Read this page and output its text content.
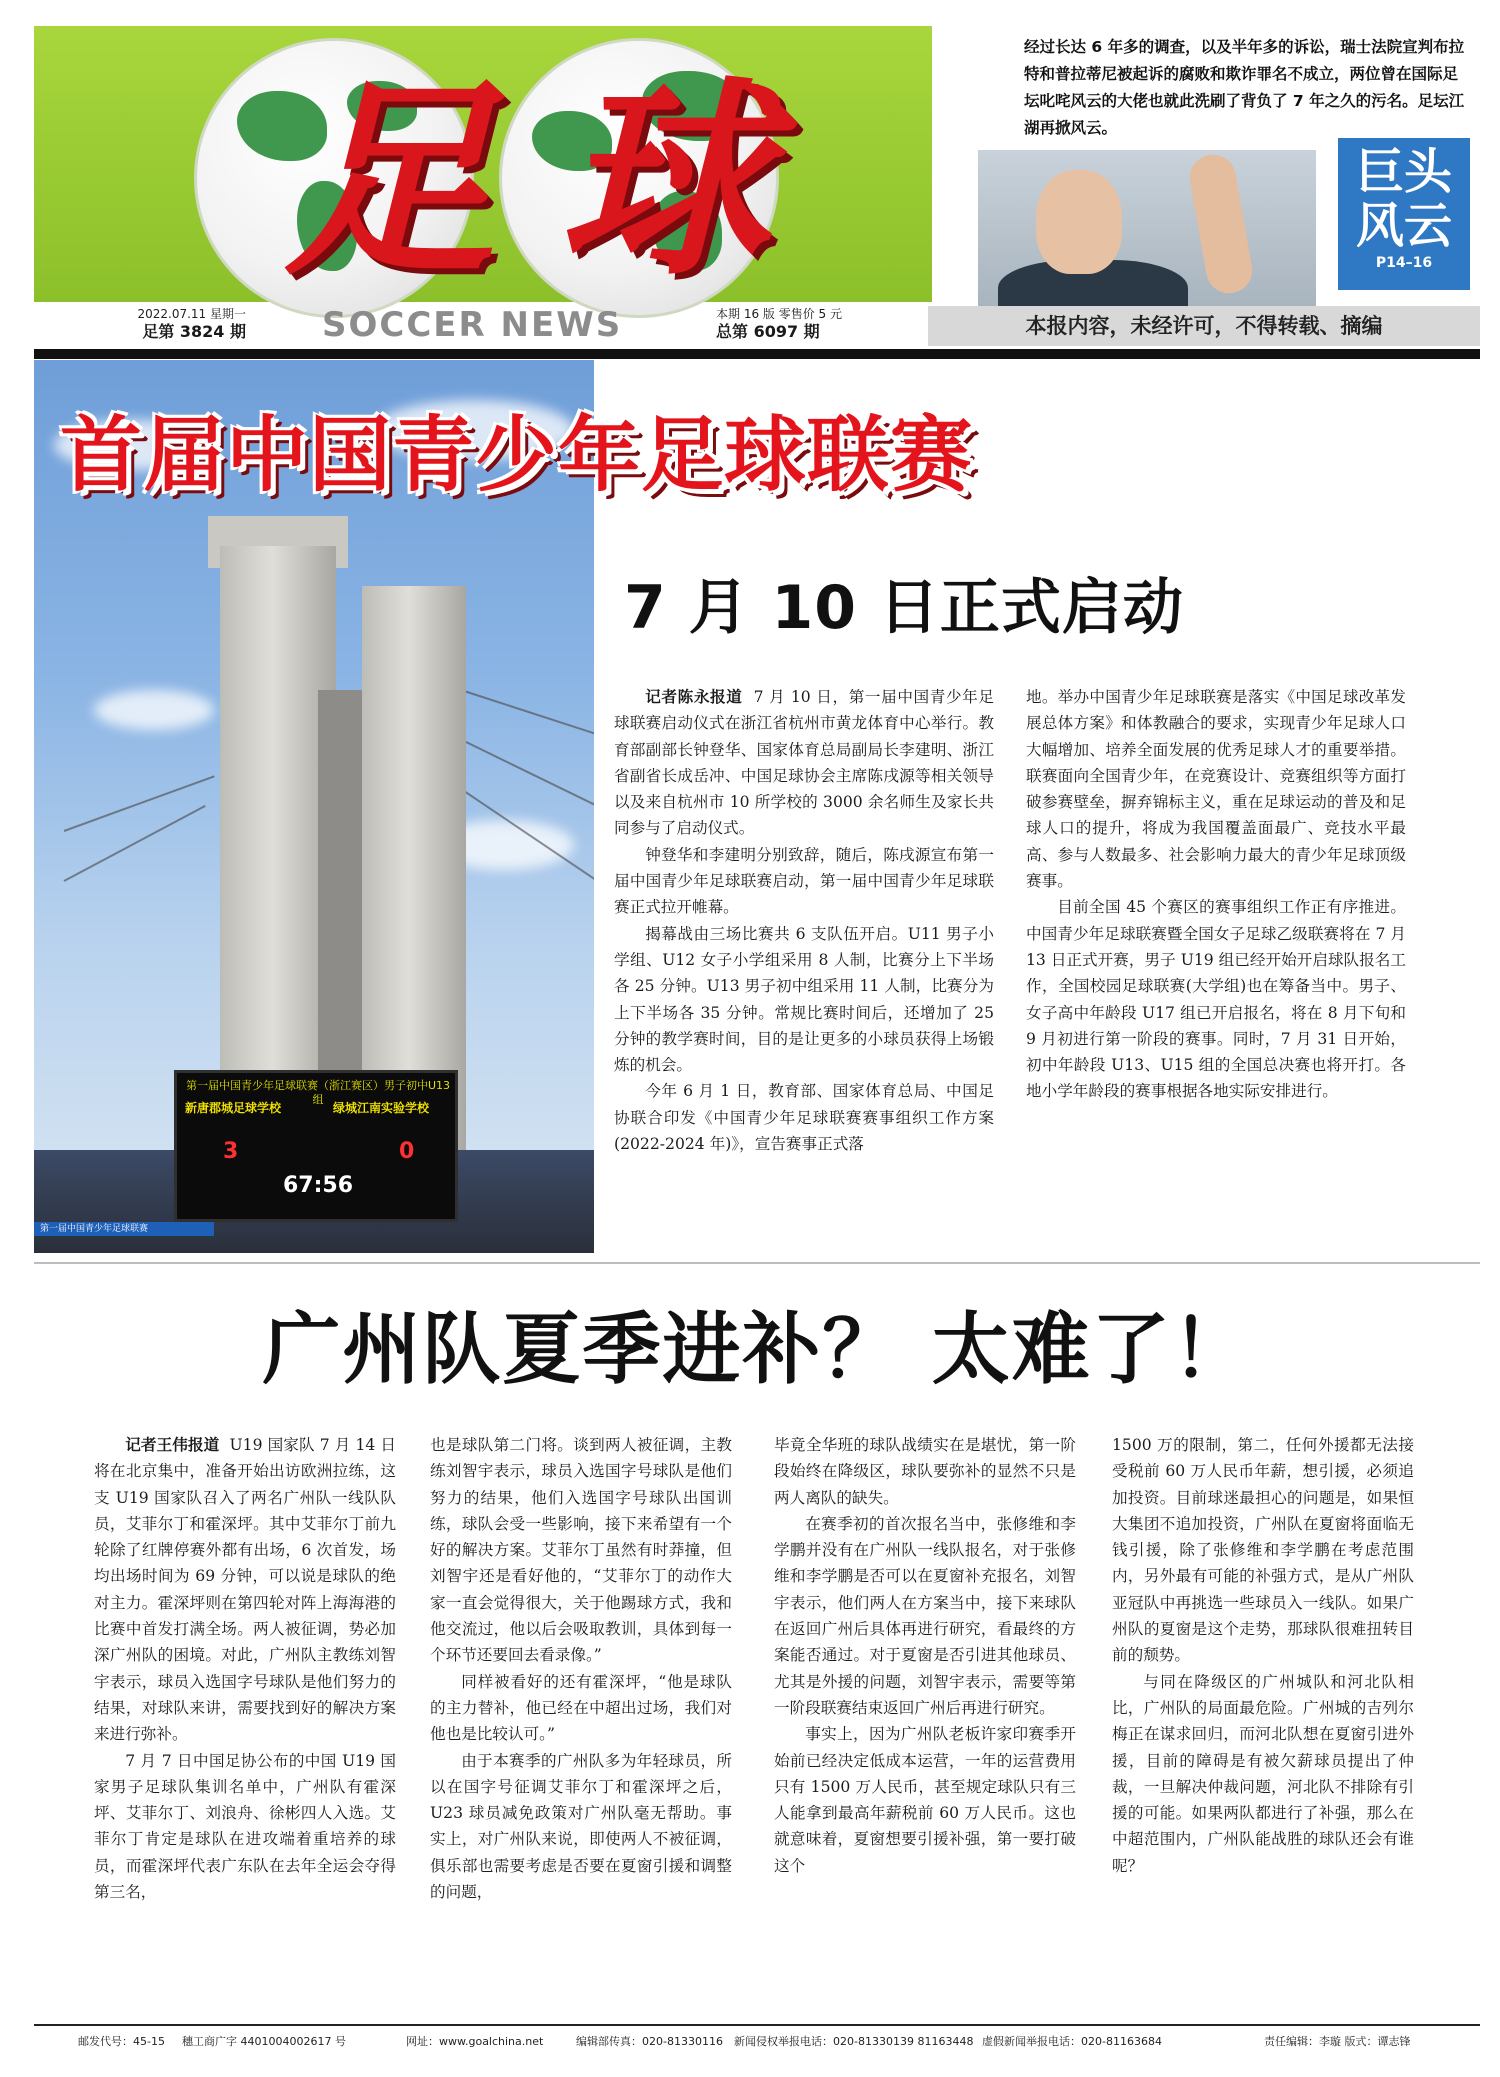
足 球
经过长达 6 年多的调查，以及半年多的诉讼，瑞士法院宣判布拉特和普拉蒂尼被起诉的腐败和欺诈罪名不成立，两位曾在国际足坛叱咤风云的大佬也就此洗刷了背负了 7 年之久的污名。足坛江湖再掀风云。
巨头
风云
P14–16
2022.07.11 星期一
足第 3824 期 SOCCER NEWS	本期 16 版 零售价 5 元
总第 6097 期	本报内容，未经许可，不得转载、摘编
第一届中国青少年足球联赛（浙江赛区）男子初中U13组
新唐郡城足球学校	绿城江南实验学校
3	0
67:56
第一届中国青少年足球联赛
首届中国青少年足球联赛
7 月 10 日正式启动

记者陈永报道 7 月 10 日，第一届中国青少年足球联赛启动仪式在浙江省杭州市黄龙体育中心举行。教育部副部长钟登华、国家体育总局副局长李建明、浙江省副省长成岳冲、中国足球协会主席陈戌源等相关领导以及来自杭州市 10 所学校的 3000 余名师生及家长共同参与了启动仪式。

钟登华和李建明分别致辞，随后，陈戌源宣布第一届中国青少年足球联赛启动，第一届中国青少年足球联赛正式拉开帷幕。

揭幕战由三场比赛共 6 支队伍开启。U11 男子小学组、U12 女子小学组采用 8 人制，比赛分上下半场各 25 分钟。U13 男子初中组采用 11 人制，比赛分为上下半场各 35 分钟。常规比赛时间后，还增加了 25 分钟的教学赛时间，目的是让更多的小球员获得上场锻炼的机会。

今年 6 月 1 日，教育部、国家体育总局、中国足协联合印发《中国青少年足球联赛赛事组织工作方案(2022-2024 年)》，宣告赛事正式落

地。举办中国青少年足球联赛是落实《中国足球改革发展总体方案》和体教融合的要求，实现青少年足球人口大幅增加、培养全面发展的优秀足球人才的重要举措。联赛面向全国青少年，在竞赛设计、竞赛组织等方面打破参赛壁垒，摒弃锦标主义，重在足球运动的普及和足球人口的提升，将成为我国覆盖面最广、竞技水平最高、参与人数最多、社会影响力最大的青少年足球顶级赛事。

目前全国 45 个赛区的赛事组织工作正有序推进。中国青少年足球联赛暨全国女子足球乙级联赛将在 7 月 13 日正式开赛，男子 U19 组已经开始开启球队报名工作，全国校园足球联赛(大学组)也在筹备当中。男子、女子高中年龄段 U17 组已开启报名，将在 8 月下旬和 9 月初进行第一阶段的赛事。同时，7 月 31 日开始，初中年龄段 U13、U15 组的全国总决赛也将开打。各地小学年龄段的赛事根据各地实际安排进行。

广州队夏季进补？ 太难了！

记者王伟报道 U19 国家队 7 月 14 日将在北京集中，准备开始出访欧洲拉练，这支 U19 国家队召入了两名广州队一线队队员，艾菲尔丁和霍深坪。其中艾菲尔丁前九轮除了红牌停赛外都有出场，6 次首发，场均出场时间为 69 分钟，可以说是球队的绝对主力。霍深坪则在第四轮对阵上海海港的比赛中首发打满全场。两人被征调，势必加深广州队的困境。对此，广州队主教练刘智宇表示，球员入选国字号球队是他们努力的结果，对球队来讲，需要找到好的解决方案来进行弥补。

7 月 7 日中国足协公布的中国 U19 国家男子足球队集训名单中，广州队有霍深坪、艾菲尔丁、刘浪舟、徐彬四人入选。艾菲尔丁肯定是球队在进攻端着重培养的球员，而霍深坪代表广东队在去年全运会夺得第三名，

也是球队第二门将。谈到两人被征调，主教练刘智宇表示，球员入选国字号球队是他们努力的结果，他们入选国字号球队出国训练，球队会受一些影响，接下来希望有一个好的解决方案。艾菲尔丁虽然有时莽撞，但刘智宇还是看好他的，“艾菲尔丁的动作大家一直会觉得很大，关于他踢球方式，我和他交流过，他以后会吸取教训，具体到每一个环节还要回去看录像。”

同样被看好的还有霍深坪，“他是球队的主力替补，他已经在中超出过场，我们对他也是比较认可。”

由于本赛季的广州队多为年轻球员，所以在国字号征调艾菲尔丁和霍深坪之后，U23 球员减免政策对广州队毫无帮助。事实上，对广州队来说，即使两人不被征调，俱乐部也需要考虑是否要在夏窗引援和调整的问题，

毕竟全华班的球队战绩实在是堪忧，第一阶段始终在降级区，球队要弥补的显然不只是两人离队的缺失。

在赛季初的首次报名当中，张修维和李学鹏并没有在广州队一线队报名，对于张修维和李学鹏是否可以在夏窗补充报名，刘智宇表示，他们两人在方案当中，接下来球队在返回广州后具体再进行研究，看最终的方案能否通过。对于夏窗是否引进其他球员、尤其是外援的问题，刘智宇表示，需要等第一阶段联赛结束返回广州后再进行研究。

事实上，因为广州队老板许家印赛季开始前已经决定低成本运营，一年的运营费用只有 1500 万人民币，甚至规定球队只有三人能拿到最高年薪税前 60 万人民币。这也就意味着，夏窗想要引援补强，第一要打破这个

1500 万的限制，第二，任何外援都无法接受税前 60 万人民币年薪，想引援，必须追加投资。目前球迷最担心的问题是，如果恒大集团不追加投资，广州队在夏窗将面临无钱引援，除了张修维和李学鹏在考虑范围内，另外最有可能的补强方式，是从广州队亚冠队中再挑选一些球员入一线队。如果广州队的夏窗是这个走势，那球队很难扭转目前的颓势。

与同在降级区的广州城队和河北队相比，广州队的局面最危险。广州城的吉列尔梅正在谋求回归，而河北队想在夏窗引进外援，目前的障碍是有被欠薪球员提出了仲裁，一旦解决仲裁问题，河北队不排除有引援的可能。如果两队都进行了补强，那么在中超范围内，广州队能战胜的球队还会有谁呢？

邮发代号：45-15 穗工商广字 4401004002617 号	网址：www.goalchina.net	编辑部传真：020-81330116 新闻侵权举报电话：020-81330139 81163448 虚假新闻举报电话：020-81163684	责任编辑：李璇 版式：谭志锋
